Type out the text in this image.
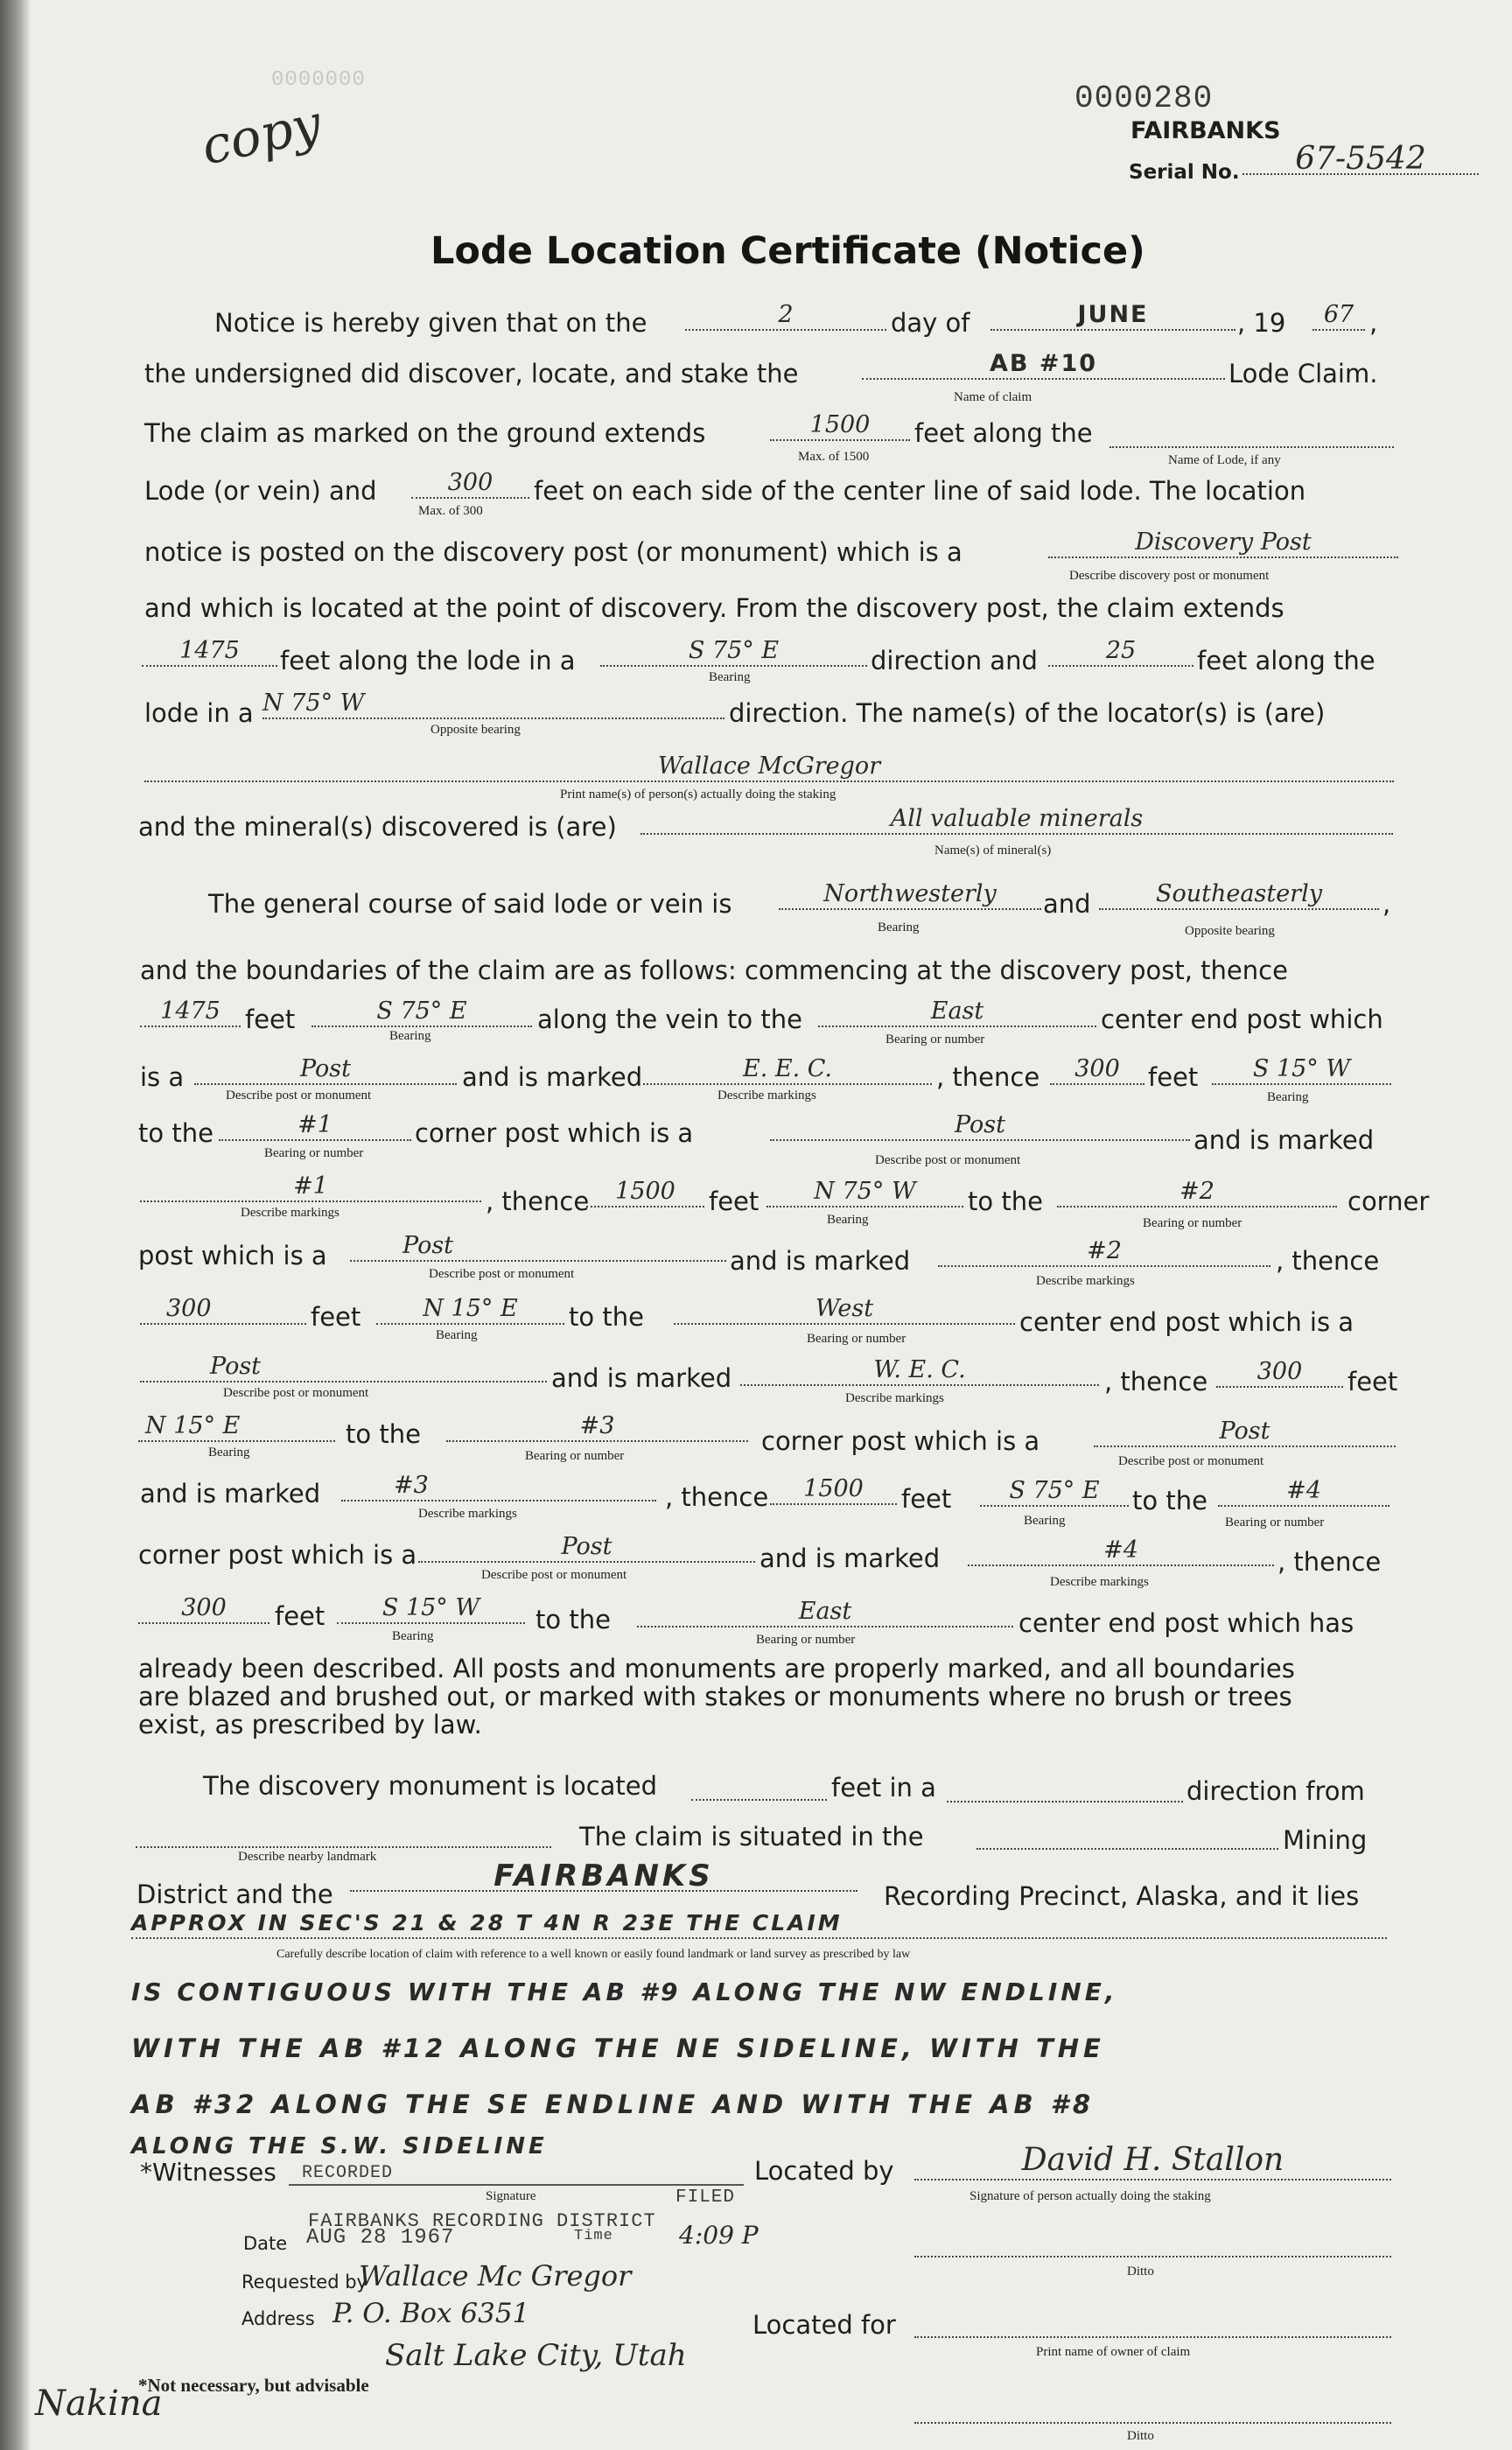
copy
0000000
0000280
FAIRBANKS
Serial No.	67-5542
Lode Location Certificate (Notice)
Notice is hereby given that on the	2	day of	JUNE	, 19	67 ,
the undersigned did discover, locate, and stake the	AB #10	Lode Claim.
Name of claim
The claim as marked on the ground extends	1500	feet along the
Max. of 1500	Name of Lode, if any
Lode (or vein) and	300	feet on each side of the center line of said lode. The location
Max. of 300
notice is posted on the discovery post (or monument) which is a	Discovery Post
Describe discovery post or monument
and which is located at the point of discovery. From the discovery post, the claim extends
1475	feet along the lode in a	S 75° E	direction and	25	feet along the
Bearing
lode in a N 75° W	direction. The name(s) of the locator(s) is (are)
Opposite bearing
Wallace McGregor
Print name(s) of person(s) actually doing the staking
and the mineral(s) discovered is (are)	All valuable minerals
Name(s) of mineral(s)
The general course of said lode or vein is	Northwesterly	and	Southeasterly	,
Bearing	Opposite bearing
and the boundaries of the claim are as follows: commencing at the discovery post, thence
1475 feet	S 75° E	along the vein to the	East	center end post which
Bearing	Bearing or number
is a	Post	and is marked	E. E. C.	, thence	300	feet	S 15° W
Describe post or monument	Describe markings	Bearing
to the	#1	corner post which is a	Post
and is marked
Bearing or number	Describe post or monument
#1
, thence	1500	feet	N 75° W	to the	#2	corner
Describe markings	Bearing	Bearing or number
post which is a	Post
and is marked	#2	, thence
Describe post or monument	Describe markings
300	feet	N 15° E	to the	West	center end post which is a
Bearing	Bearing or number
Post	and is marked	W. E. C.	, thence	300	feet
Describe post or monument	Describe markings
N 15° E	to the	#3
corner post which is a	Post
Bearing	Bearing or number	Describe post or monument
and is marked	#3	, thence	1500	feet	S 75° E	to the	#4
Describe markings	Bearing	Bearing or number
corner post which is a	Post	and is marked	#4	, thence
Describe post or monument	Describe markings
300	feet	S 15° W	to the	East	center end post which has
Bearing	Bearing or number
already been described. All posts and monuments are properly marked, and all boundaries
are blazed and brushed out, or marked with stakes or monuments where no brush or trees
exist, as prescribed by law.
The discovery monument is located	feet in a	direction from
The claim is situated in the	Mining
Describe nearby landmark
District and the
FAIRBANKS
Recording Precinct, Alaska, and it lies
APPROX IN SEC'S 21 & 28 T 4N R 23E THE CLAIM
Carefully describe location of claim with reference to a well known or easily found landmark or land survey as prescribed by law
IS CONTIGUOUS WITH THE AB #9 ALONG THE NW ENDLINE,
WITH THE AB #12 ALONG THE NE SIDELINE, WITH THE
AB #32 ALONG THE SE ENDLINE AND WITH THE AB #8
ALONG THE S.W. SIDELINE
*Witnesses
Signature
RECORDED
FILED
FAIRBANKS RECORDING DISTRICT
Located by	David H. Stallon
Signature of person actually doing the staking
Date AUG 28 1967	Time	4:09 P
Ditto
Requested by
Wallace Mc Gregor
Address P. O. Box 6351
Salt Lake City, Utah
Located for
Print name of owner of claim
*Not necessary, but advisable
Nakina
Ditto
